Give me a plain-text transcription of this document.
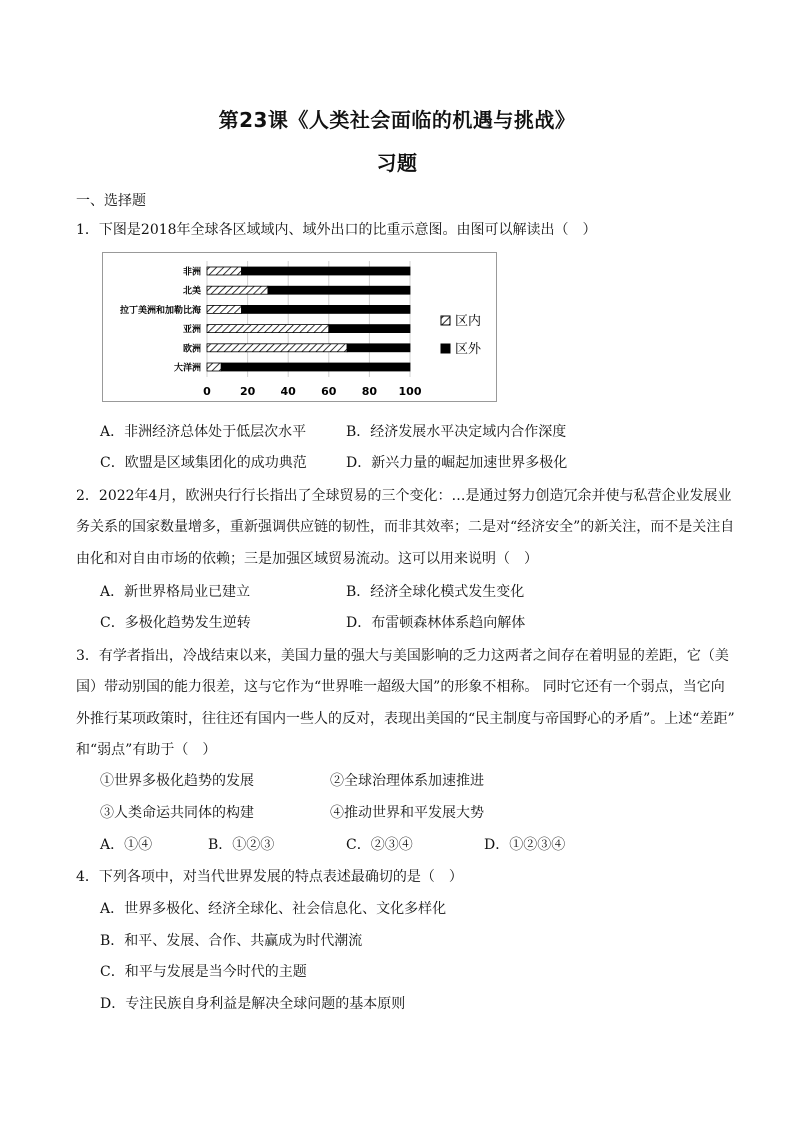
第23课《人类社会面临的机遇与挑战》
习题
一、选择题
1．下图是2018年全球各区域域内、域外出口的比重示意图。由图可以解读出（　）
0	20 40 60 80 100
非洲
北美
拉丁美洲和加勒比海
亚洲
欧洲
大洋洲
区内
区外
A．非洲经济总体处于低层次水平	B．经济发展水平决定域内合作深度
C．欧盟是区域集团化的成功典范	D．新兴力量的崛起加速世界多极化
2．2022年4月，欧洲央行行长指出了全球贸易的三个变化：…是通过努力创造冗余并使与私营企业发展业
务关系的国家数量增多，重新强调供应链的韧性，而非其效率；二是对“经济安全”的新关注，而不是关注自
由化和对自由市场的依赖；三是加强区域贸易流动。这可以用来说明（　）
A．新世界格局业已建立	B．经济全球化模式发生变化
C．多极化趋势发生逆转	D．布雷顿森林体系趋向解体
3．有学者指出，冷战结束以来，美国力量的强大与美国影响的乏力这两者之间存在着明显的差距，它（美
国）带动别国的能力很差，这与它作为“世界唯一超级大国”的形象不相称。 同时它还有一个弱点，当它向
外推行某项政策时，往往还有国内一些人的反对，表现出美国的“民主制度与帝国野心的矛盾”。上述“差距”
和“弱点”有助于（　）
①世界多极化趋势的发展	②全球治理体系加速推进
③人类命运共同体的构建	④推动世界和平发展大势
A．①④	B．①②③	C．②③④	D．①②③④
4．下列各项中，对当代世界发展的特点表述最确切的是（　）
A．世界多极化、经济全球化、社会信息化、文化多样化
B．和平、发展、合作、共赢成为时代潮流
C．和平与发展是当今时代的主题
D．专注民族自身利益是解决全球问题的基本原则
